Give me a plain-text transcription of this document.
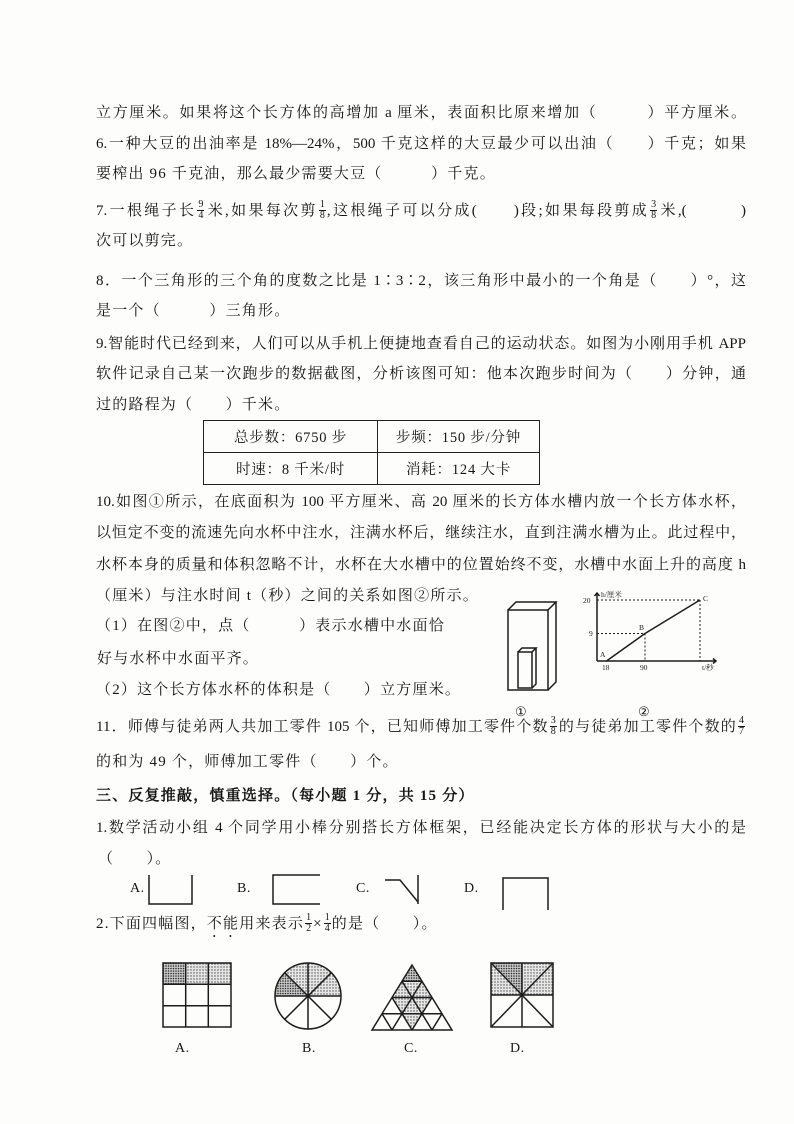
立方厘米。如果将这个长方体的高增加 a 厘米，表面积比原来增加（　　　）平方厘米。
6.一种大豆的出油率是 18%—24%，500 千克这样的大豆最少可以出油（　　）千克；如果
要榨出 96 千克油，那么最少需要大豆（　　　）千克。
7.一根绳子长 $\frac{9}{4}$ 米,如果每次剪 $\frac{1}{8}$ ,这根绳子可以分成(　　)段;如果每段剪成 $\frac{3}{8}$ 米,(　　　)
次可以剪完。
8．一个三角形的三个角的度数之比是 1∶3∶2，该三角形中最小的一个角是（　　）°，这
是一个（　　　）三角形。
9.智能时代已经到来，人们可以从手机上便捷地查看自己的运动状态。如图为小刚用手机 APP
软件记录自己某一次跑步的数据截图，分析该图可知：他本次跑步时间为（　　）分钟，通
过的路程为（　　）千米。
总步数：6750 步	步频：150 步/分钟
时速：8 千米/时	消耗：124 大卡
10.如图①所示，在底面积为 100 平方厘米、高 20 厘米的长方体水槽内放一个长方体水杯，
以恒定不变的流速先向水杯中注水，注满水杯后，继续注水，直到注满水槽为止。此过程中，
水杯本身的质量和体积忽略不计，水杯在大水槽中的位置始终不变，水槽中水面上升的高度 h
（厘米）与注水时间 t（秒）之间的关系如图②所示。
（1）在图②中，点（　　　）表示水槽中水面恰
好与水杯中水面平齐。
（2）这个长方体水杯的体积是（　　）立方厘米。
①
h/厘米
20
9
A
B
C
18	90	t/秒
②
11．师傅与徒弟两人共加工零件 105 个，已知师傅加工零件个数 $\frac{3}{8}$ 的与徒弟加工零件个数的 $\frac{4}{7}$
的和为 49 个，师傅加工零件（　　）个。
三、反复推敲，慎重选择。（每小题 1 分，共 15 分）
1.数学活动小组 4 个同学用小棒分别搭长方体框架，已经能决定长方体的形状与大小的是
（　　）。
A.	B.	C.	D.
2.下面四幅图，不能用来表示 $\frac{1}{2} \times \frac{1}{4}$ 的是（　　）。
A.	B.	C.	D.
